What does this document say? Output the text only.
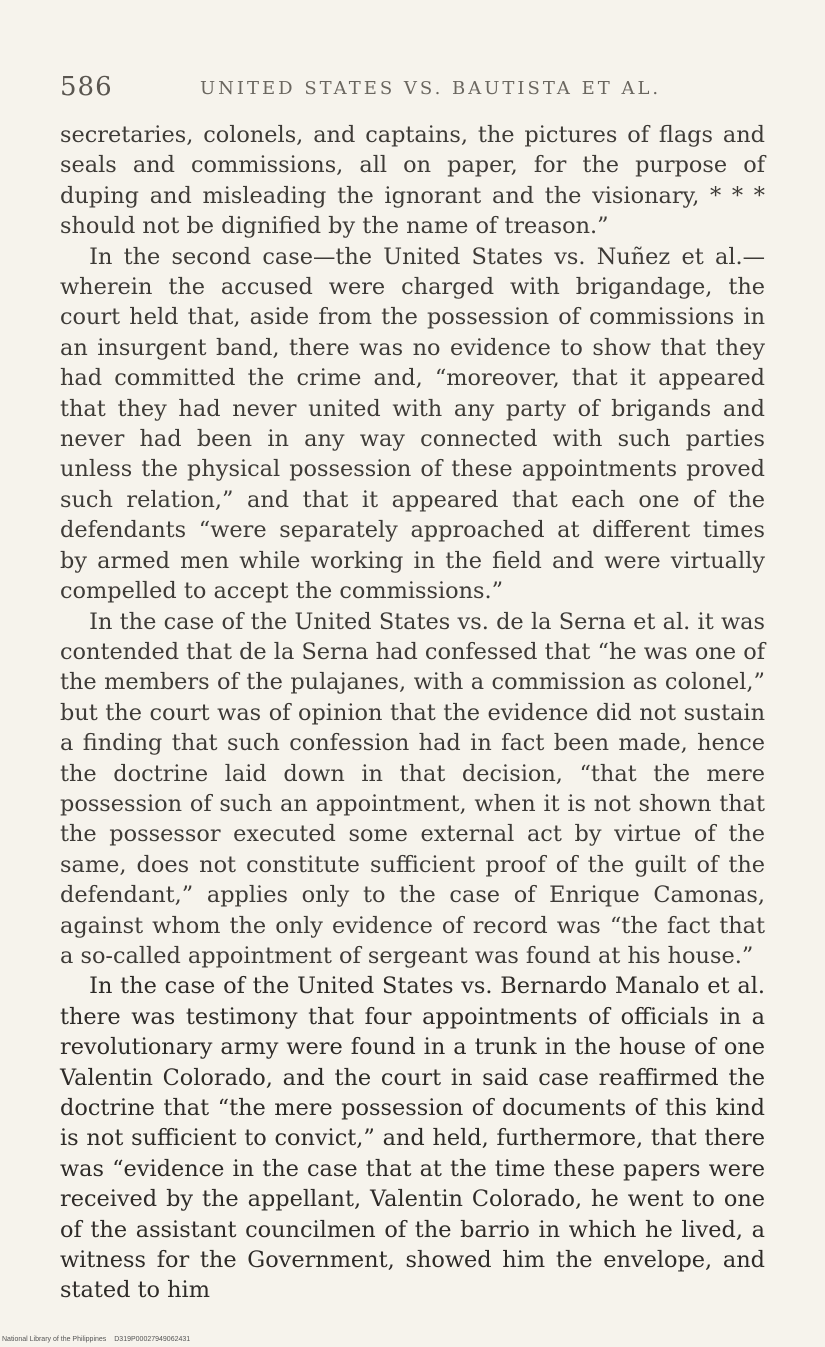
586	UNITED STATES VS. BAUTISTA ET AL.

secretaries, colonels, and captains, the pictures of flags and seals and commissions, all on paper, for the purpose of duping and misleading the ignorant and the visionary, * * * should not be dignified by the name of treason.”

In the second case—the United States vs. Nuñez et al.—wherein the accused were charged with brigandage, the court held that, aside from the possession of commissions in an insurgent band, there was no evidence to show that they had committed the crime and, “moreover, that it appeared that they had never united with any party of brigands and never had been in any way connected with such parties unless the physical possession of these appointments proved such relation,” and that it appeared that each one of the defendants “were separately approached at different times by armed men while working in the field and were virtually compelled to accept the commissions.”

In the case of the United States vs. de la Serna et al. it was contended that de la Serna had confessed that “he was one of the members of the pulajanes, with a commission as colonel,” but the court was of opinion that the evidence did not sustain a finding that such confession had in fact been made, hence the doctrine laid down in that decision, “that the mere possession of such an appointment, when it is not shown that the possessor executed some external act by virtue of the same, does not constitute sufficient proof of the guilt of the defendant,” applies only to the case of Enrique Camonas, against whom the only evidence of record was “the fact that a so-called appointment of sergeant was found at his house.”

In the case of the United States vs. Bernardo Manalo et al. there was testimony that four appointments of officials in a revolutionary army were found in a trunk in the house of one Valentin Colorado, and the court in said case reaffirmed the doctrine that “the mere possession of documents of this kind is not sufficient to convict,” and held, furthermore, that there was “evidence in the case that at the time these papers were received by the appellant, Valentin Colorado, he went to one of the assistant councilmen of the barrio in which he lived, a witness for the Government, showed him the envelope, and stated to him

National Library of the Philippines D319P00027949062431
